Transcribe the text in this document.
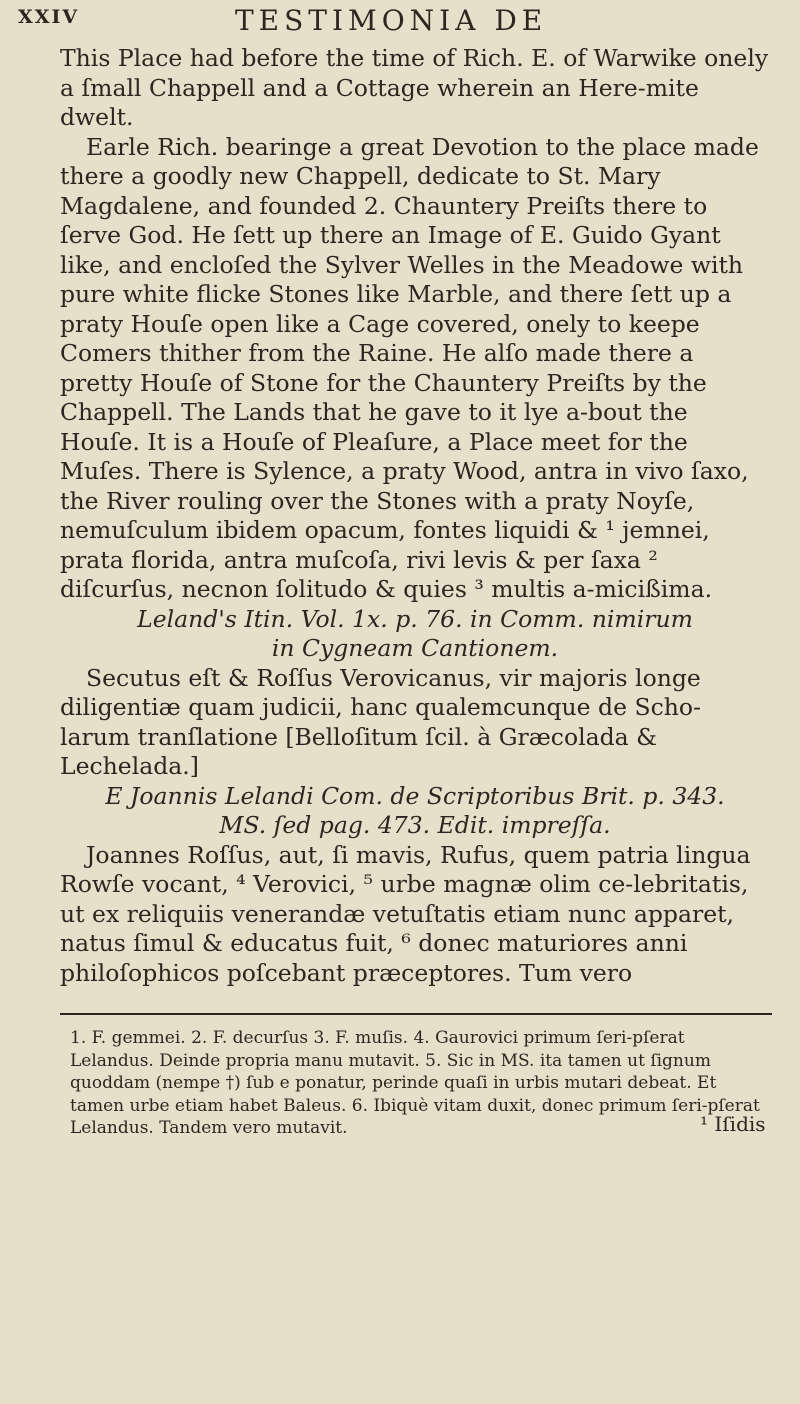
XXIV	TESTIMONIA DE

This Place had before the time of Rich. E. of Warwike onely a ſmall Chappell and a Cottage wherein an Here-mite dwelt.

Earle Rich. bearinge a great Devotion to the place made there a goodly new Chappell, dedicate to St. Mary Magdalene, and founded 2. Chauntery Preiſts there to ſerve God. He ſett up there an Image of E. Guido Gyant like, and encloſed the Sylver Welles in the Meadowe with pure white flicke Stones like Marble, and there ſett up a praty Houſe open like a Cage covered, onely to keepe Comers thither from the Raine. He alſo made there a pretty Houſe of Stone for the Chauntery Preiſts by the Chappell. The Lands that he gave to it lye a-bout the Houſe. It is a Houſe of Pleaſure, a Place meet for the Muſes. There is Sylence, a praty Wood, antra in vivo ſaxo, the River rouling over the Stones with a praty Noyſe, nemuſculum ibidem opacum, fontes liquidi & ¹ jemnei, prata florida, antra muſcoſa, rivi levis & per ſaxa ² diſcurſus, necnon ſolitudo & quies ³ multis a-micißima.

Leland's Itin. Vol. 1x. p. 76. in Comm. nimirum

in Cygneam Cantionem.

Secutus eſt & Roſſus Verovicanus, vir majoris longe diligentiæ quam judicii, hanc qualemcunque de Scho-larum tranſlatione [Belloſitum ſcil. à Græcolada & Lechelada.]

E Joannis Lelandi Com. de Scriptoribus Brit. p. 343.

MS. ſed pag. 473. Edit. impreſſa.

Joannes Roſſus, aut, ſi mavis, Rufus, quem patria lingua Rowſe vocant, ⁴ Verovici, ⁵ urbe magnæ olim ce-lebritatis, ut ex reliquiis venerandæ vetuſtatis etiam nunc apparet, natus ſimul & educatus fuit, ⁶ donec maturiores anni philoſophicos poſcebant præceptores. Tum vero

1. F. gemmei. 2. F. decurſus 3. F. muſis. 4. Gaurovici primum ſeri-pſerat Lelandus. Deinde propria manu mutavit. 5. Sic in MS. ita tamen ut ſignum quoddam (nempe †) ſub e ponatur, perinde quaſi in urbis mutari debeat. Et tamen urbe etiam habet Baleus. 6. Ibiquè vitam duxit, donec primum ſeri-pſerat Lelandus. Tandem vero mutavit.	¹ Iſidis
